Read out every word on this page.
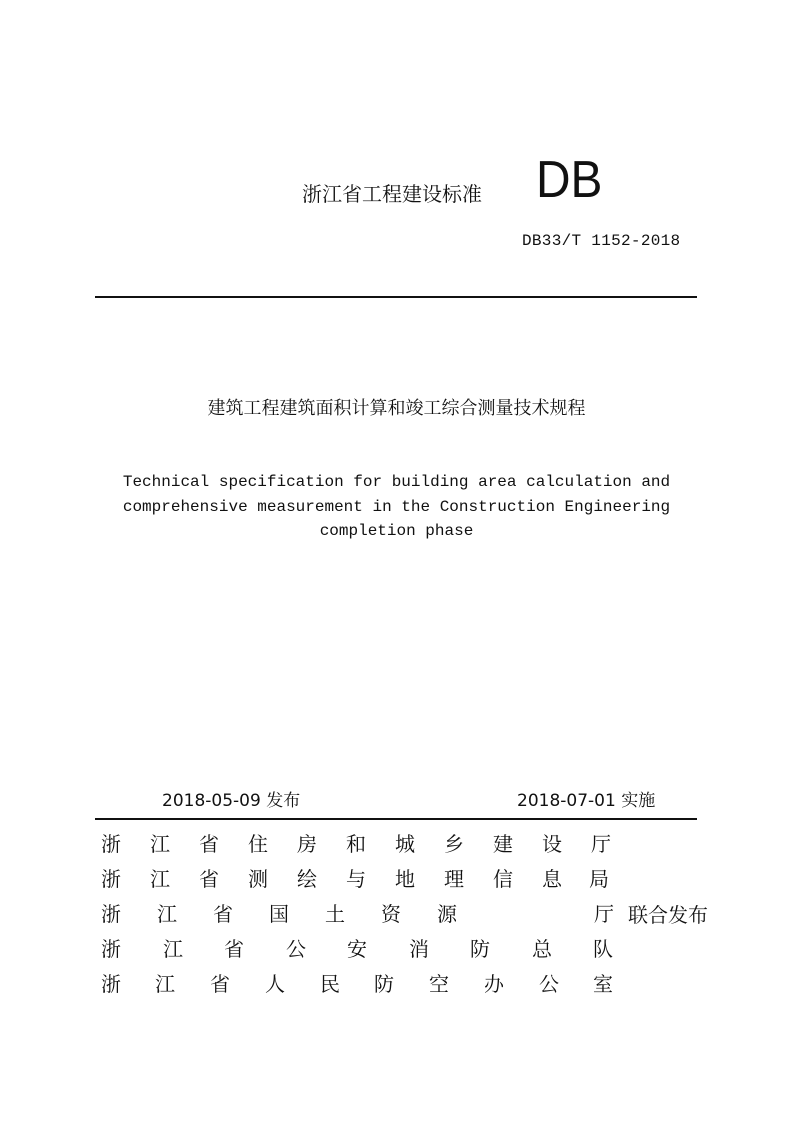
浙江省工程建设标准 DB
DB33/T 1152-2018
建筑工程建筑面积计算和竣工综合测量技术规程
Technical specification for building area calculation and
comprehensive measurement in the Construction Engineering
completion phase
2018-05-09 发布	2018-07-01 实施
浙 江 省 住 房 和 城 乡 建 设 厅
浙 江 省 测 绘 与 地 理 信 息 局
浙 江 省 国 土 资 源	厅
浙 江 省 公 安 消 防 总 队
浙 江 省 人 民 防 空 办 公 室
联合发布
